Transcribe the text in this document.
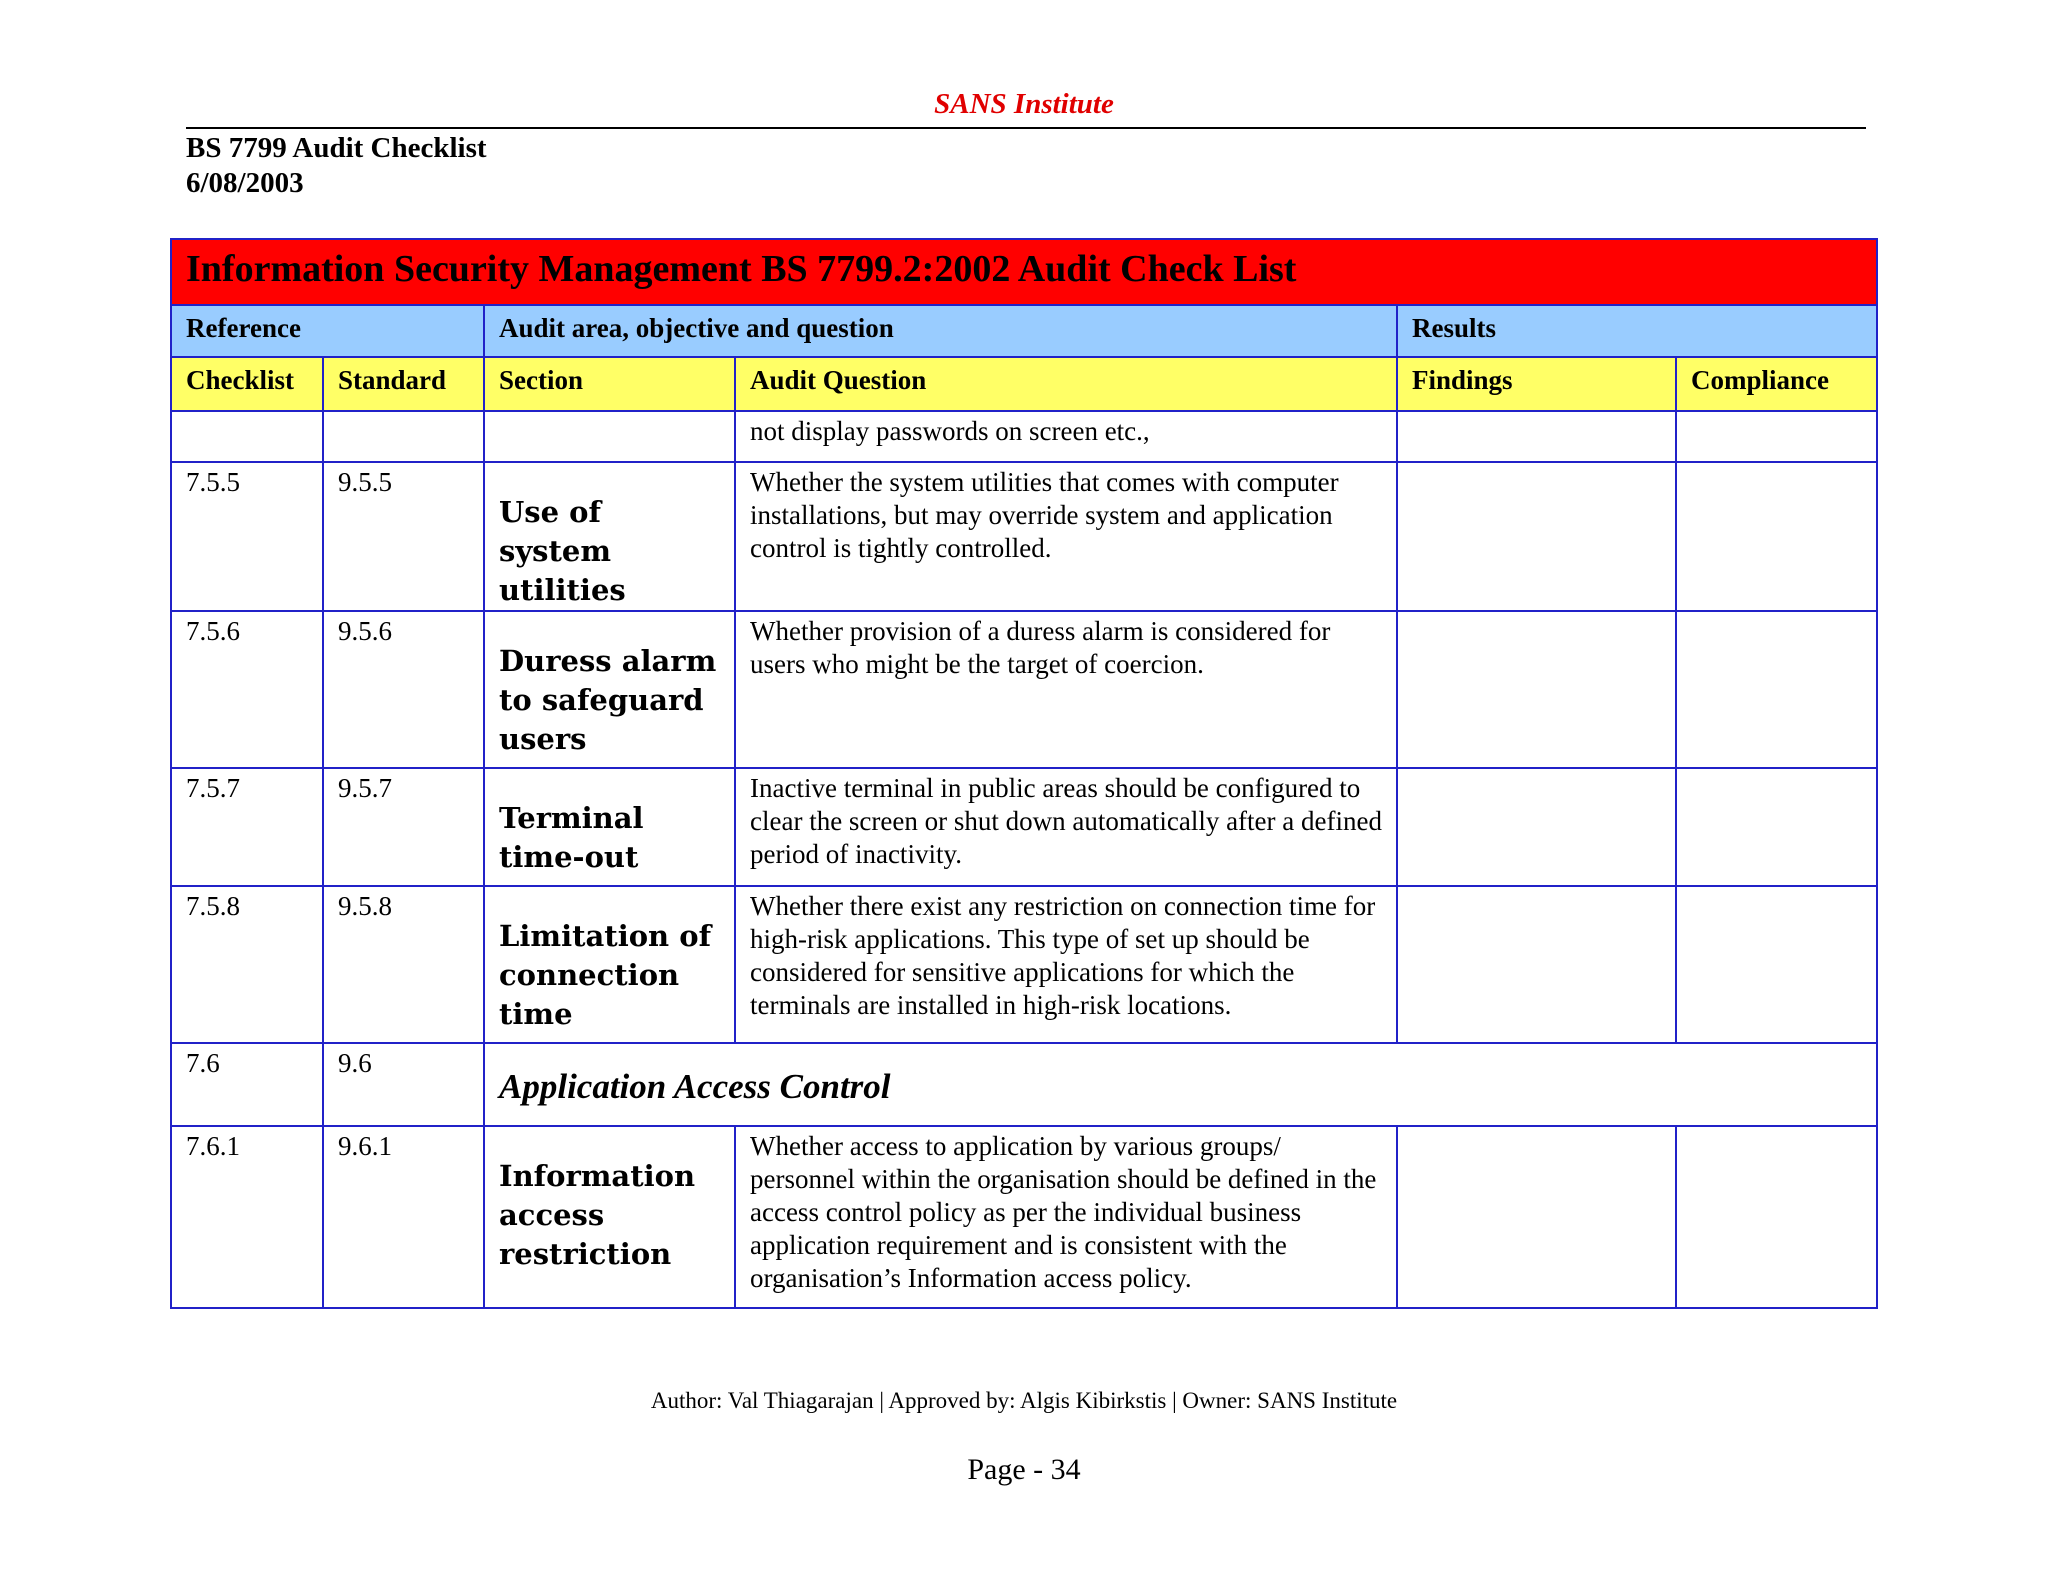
SANS Institute
BS 7799 Audit Checklist
6/08/2003
Information Security Management BS 7799.2:2002 Audit Check List					
Reference		Audit area, objective and question		Results	
Checklist	Standard	Section	Audit Question	Findings	Compliance
			not display passwords on screen etc.,		
7.5.5	9.5.5	Use of system utilities	Whether the system utilities that comes with computer installations, but may override system and application control is tightly controlled.		
7.5.6	9.5.6	Duress alarm to safeguard users	Whether provision of a duress alarm is considered for users who might be the target of coercion.		
7.5.7	9.5.7	Terminal time-out	Inactive terminal in public areas should be configured to clear the screen or shut down automatically after a defined period of inactivity.		
7.5.8	9.5.8	Limitation of connection time	Whether there exist any restriction on connection time for high-risk applications. This type of set up should be considered for sensitive applications for which the terminals are installed in high-risk locations.		
7.6	9.6	Application Access Control			
7.6.1	9.6.1	Information access restriction	Whether access to application by various groups/ personnel within the organisation should be defined in the access control policy as per the individual business application requirement and is consistent with the organisation’s Information access policy.		
Author: Val Thiagarajan | Approved by: Algis Kibirkstis | Owner: SANS Institute
Page - 34
